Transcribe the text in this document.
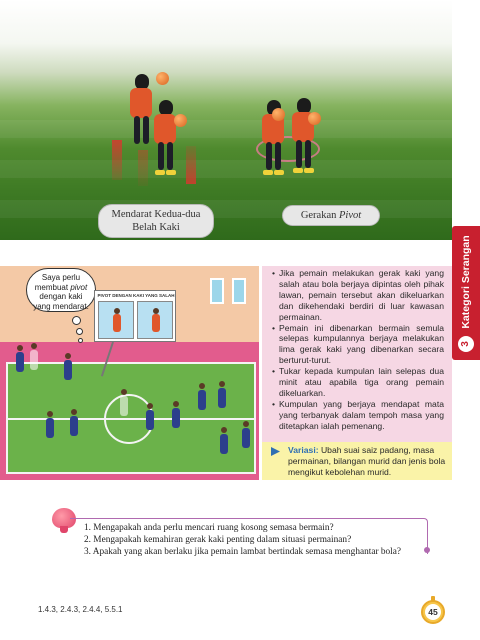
Mendarat Kedua-dua
Belah Kaki
Gerakan Pivot
Kategori Serangan
3
Saya perlu
membuat pivot
dengan kaki
yang mendarat.
PIVOT DENGAN KAKI YANG SALAH
• Jika pemain melakukan gerak kaki yang salah atau bola berjaya dipintas oleh pihak lawan, pemain tersebut akan dikeluarkan dan dikehendaki berdiri di luar kawasan permainan.
• Pemain ini dibenarkan bermain semula selepas kumpulannya berjaya melakukan lima gerak kaki yang dibenarkan secara berturut-turut.
• Tukar kepada kumpulan lain selepas dua minit atau apabila tiga orang pemain dikeluarkan.
• Kumpulan yang berjaya mendapat mata yang terbanyak dalam tempoh masa yang ditetapkan ialah pemenang.
Variasi: Ubah suai saiz padang, masa permainan, bilangan murid dan jenis bola mengikut kebolehan murid.
1. Mengapakah anda perlu mencari ruang kosong semasa bermain?
2. Mengapakah kemahiran gerak kaki penting dalam situasi permainan?
3. Apakah yang akan berlaku jika pemain lambat bertindak semasa menghantar bola?
1.4.3, 2.4.3, 2.4.4, 5.5.1	45
